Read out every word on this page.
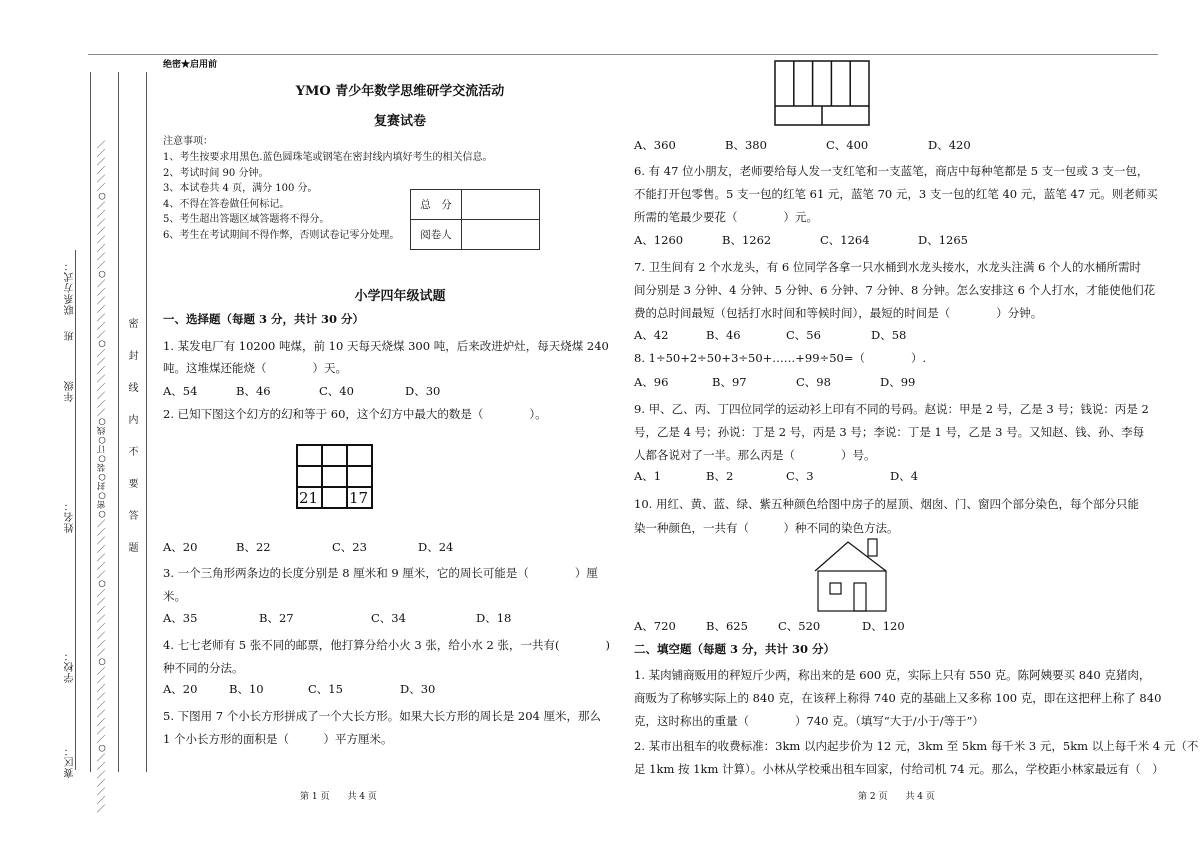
联系方式：
班
年级
姓名：
学校：
赛区： ／／／／／／／○／／／／／／／／／○／／／／／／／／○／／／／／／／○密○封○装○订○线○／／／／／／／／○／／／／／／／○／／／／／／／／○／／／／／／ 密　封　线　内　不　要　答　题
绝密★启用前
YMO 青少年数学思维研学交流活动
复赛试卷
注意事项：
1、考生按要求用黑色.蓝色圆珠笔或钢笔在密封线内填好考生的相关信息。
2、考试时间 90 分钟。
3、本试卷共 4 页，满分 100 分。
4、不得在答卷做任何标记。
5、考生超出答题区域答题将不得分。
6、考生在考试期间不得作弊，否则试卷记零分处理。
总　分	
阅卷人	
小学四年级试题
一、选择题（每题 3 分，共计 30 分）
1. 某发电厂有 10200 吨煤，前 10 天每天烧煤 300 吨，后来改进炉灶，每天烧煤 240
吨。这堆煤还能烧（　　　　）天。
A、54	B、46	C、40	D、30
2. 已知下图这个幻方的幻和等于 60，这个幻方中最大的数是（　　　　）。

21		17
A、20	B、22	C、23	D、24
3. 一个三角形两条边的长度分别是 8 厘米和 9 厘米，它的周长可能是（　　　　）厘
米。
A、35	B、27	C、34	D、18
4. 七七老师有 5 张不同的邮票，他打算分给小火 3 张，给小水 2 张，一共有(　　　　)
种不同的分法。
A、20	B、10	C、15	D、30
5. 下图用 7 个小长方形拼成了一个大长方形。如果大长方形的周长是 204 厘米，那么
1 个小长方形的面积是（　　　）平方厘米。
第 1 页　　共 4 页
A、360	B、380	C、400	D、420
6. 有 47 位小朋友，老师要给每人发一支红笔和一支蓝笔，商店中每种笔都是 5 支一包或 3 支一包，
不能打开包零售。5 支一包的红笔 61 元，蓝笔 70 元，3 支一包的红笔 40 元，蓝笔 47 元。则老师买
所需的笔最少要花（　　　　）元。
A、1260	B、1262	C、1264	D、1265
7. 卫生间有 2 个水龙头，有 6 位同学各拿一只水桶到水龙头接水，水龙头注满 6 个人的水桶所需时
间分别是 3 分钟、4 分钟、5 分钟、6 分钟、7 分钟、8 分钟。怎么安排这 6 个人打水，才能使他们花
费的总时间最短（包括打水时间和等候时间），最短的时间是（　　　　）分钟。
A、42	B、46	C、56	D、58
8. 1÷50+2÷50+3÷50+……+99÷50=（　　　　）.
A、96	B、97	C、98	D、99
9. 甲、乙、丙、丁四位同学的运动衫上印有不同的号码。赵说：甲是 2 号，乙是 3 号；钱说：丙是 2
号，乙是 4 号；孙说：丁是 2 号，丙是 3 号；李说：丁是 1 号，乙是 3 号。又知赵、钱、孙、李每
人都各说对了一半。那么丙是（　　　　）号。
A、1	B、2	C、3	D、4
10. 用红、黄、蓝、绿、紫五种颜色给图中房子的屋顶、烟囱、门、窗四个部分染色，每个部分只能
染一种颜色，一共有（　　　）种不同的染色方法。
A、720	B、625	C、520	D、120
二、填空题（每题 3 分，共计 30 分）
1. 某肉铺商贩用的秤短斤少两，称出来的是 600 克，实际上只有 550 克。陈阿姨要买 840 克猪肉，
商贩为了称够实际上的 840 克，在该秤上称得 740 克的基础上又多称 100 克，即在这把秤上称了 840
克，这时称出的重量（　　　　）740 克。（填写“大于/小于/等于”）
2. 某市出租车的收费标准：3km 以内起步价为 12 元，3km 至 5km 每千米 3 元，5km 以上每千米 4 元（不
足 1km 按 1km 计算）。小林从学校乘出租车回家，付给司机 74 元。那么，学校距小林家最远有（　）
第 2 页　　共 4 页
